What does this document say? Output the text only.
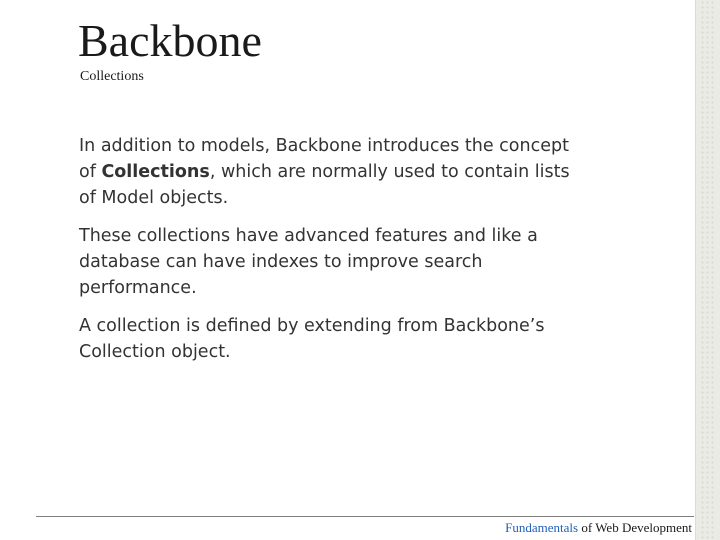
Backbone
Collections

In addition to models, Backbone introduces the concept of Collections, which are normally used to contain lists of Model objects.

These collections have advanced features and like a database can have indexes to improve search performance.

A collection is defined by extending from Backbone’s Collection object.

Fundamentals of Web Development
